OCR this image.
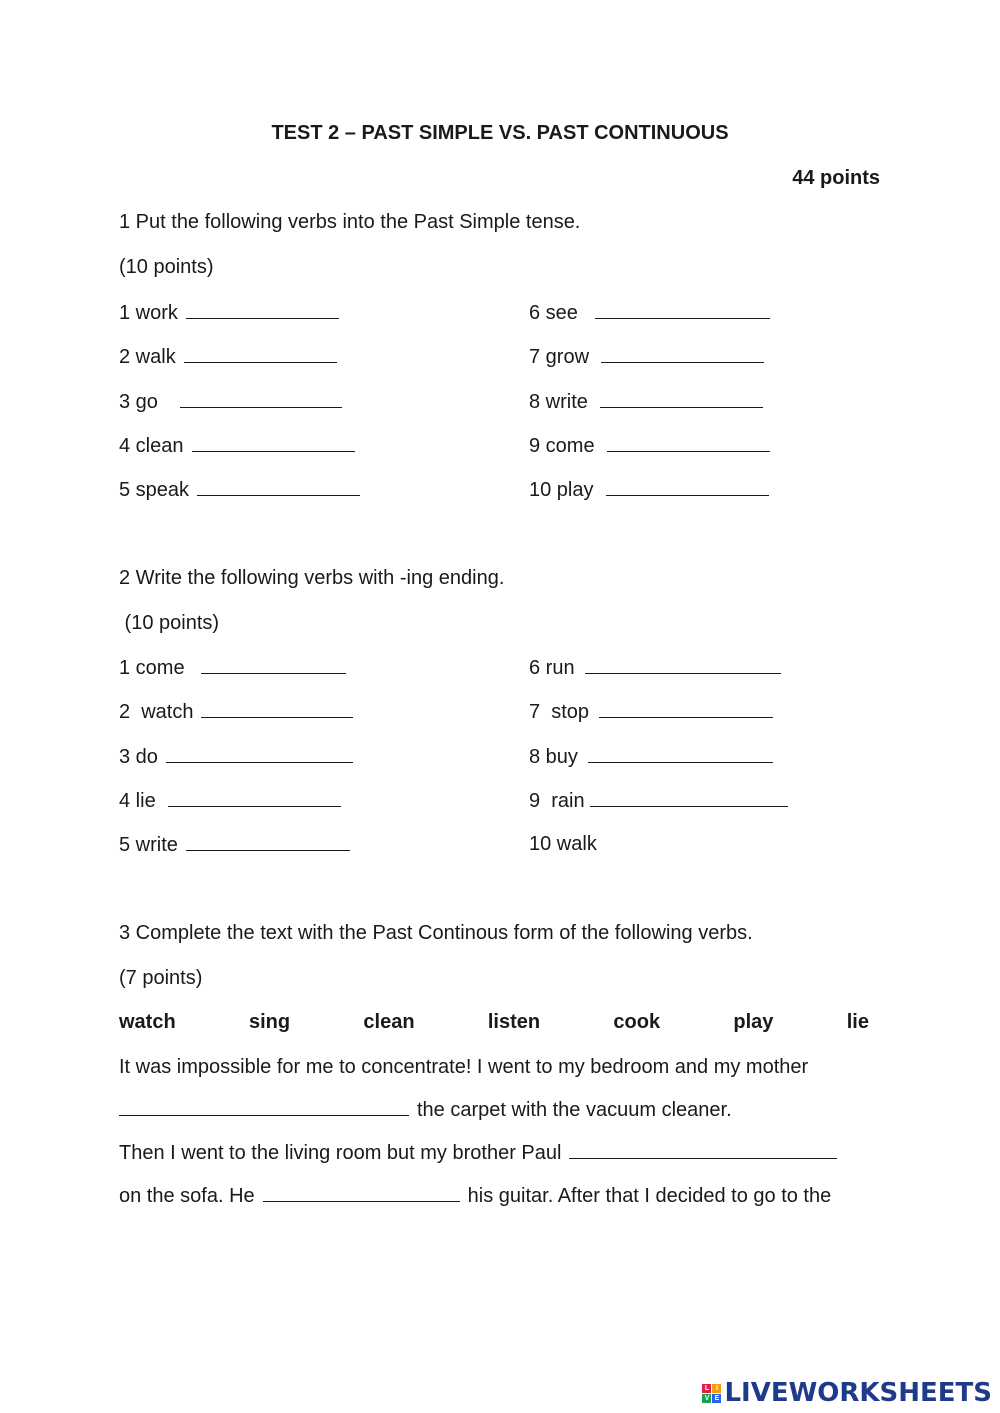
TEST 2 – PAST SIMPLE VS. PAST CONTINUOUS
44 points
1 Put the following verbs into the Past Simple tense.
(10 points)
1 work
2 walk
3 go
4 clean
5 speak
6 see
7 grow
8 write
9 come
10 play
2 Write the following verbs with -ing ending.
(10 points)
1 come
2  watch
3 do
4 lie
5 write
6 run
7  stop
8 buy
9  rain
10 walk
3 Complete the text with the Past Continous form of the following verbs.
(7 points)
watch	sing	clean	listen	cook	play	lie
It was impossible for me to concentrate! I went to my bedroom and my mother
the carpet with the vacuum cleaner.
Then I went to the living room but my brother Paul
on the sofa. He	his guitar. After that I decided to go to the
L I
V E LIVEWORKSHEETS
